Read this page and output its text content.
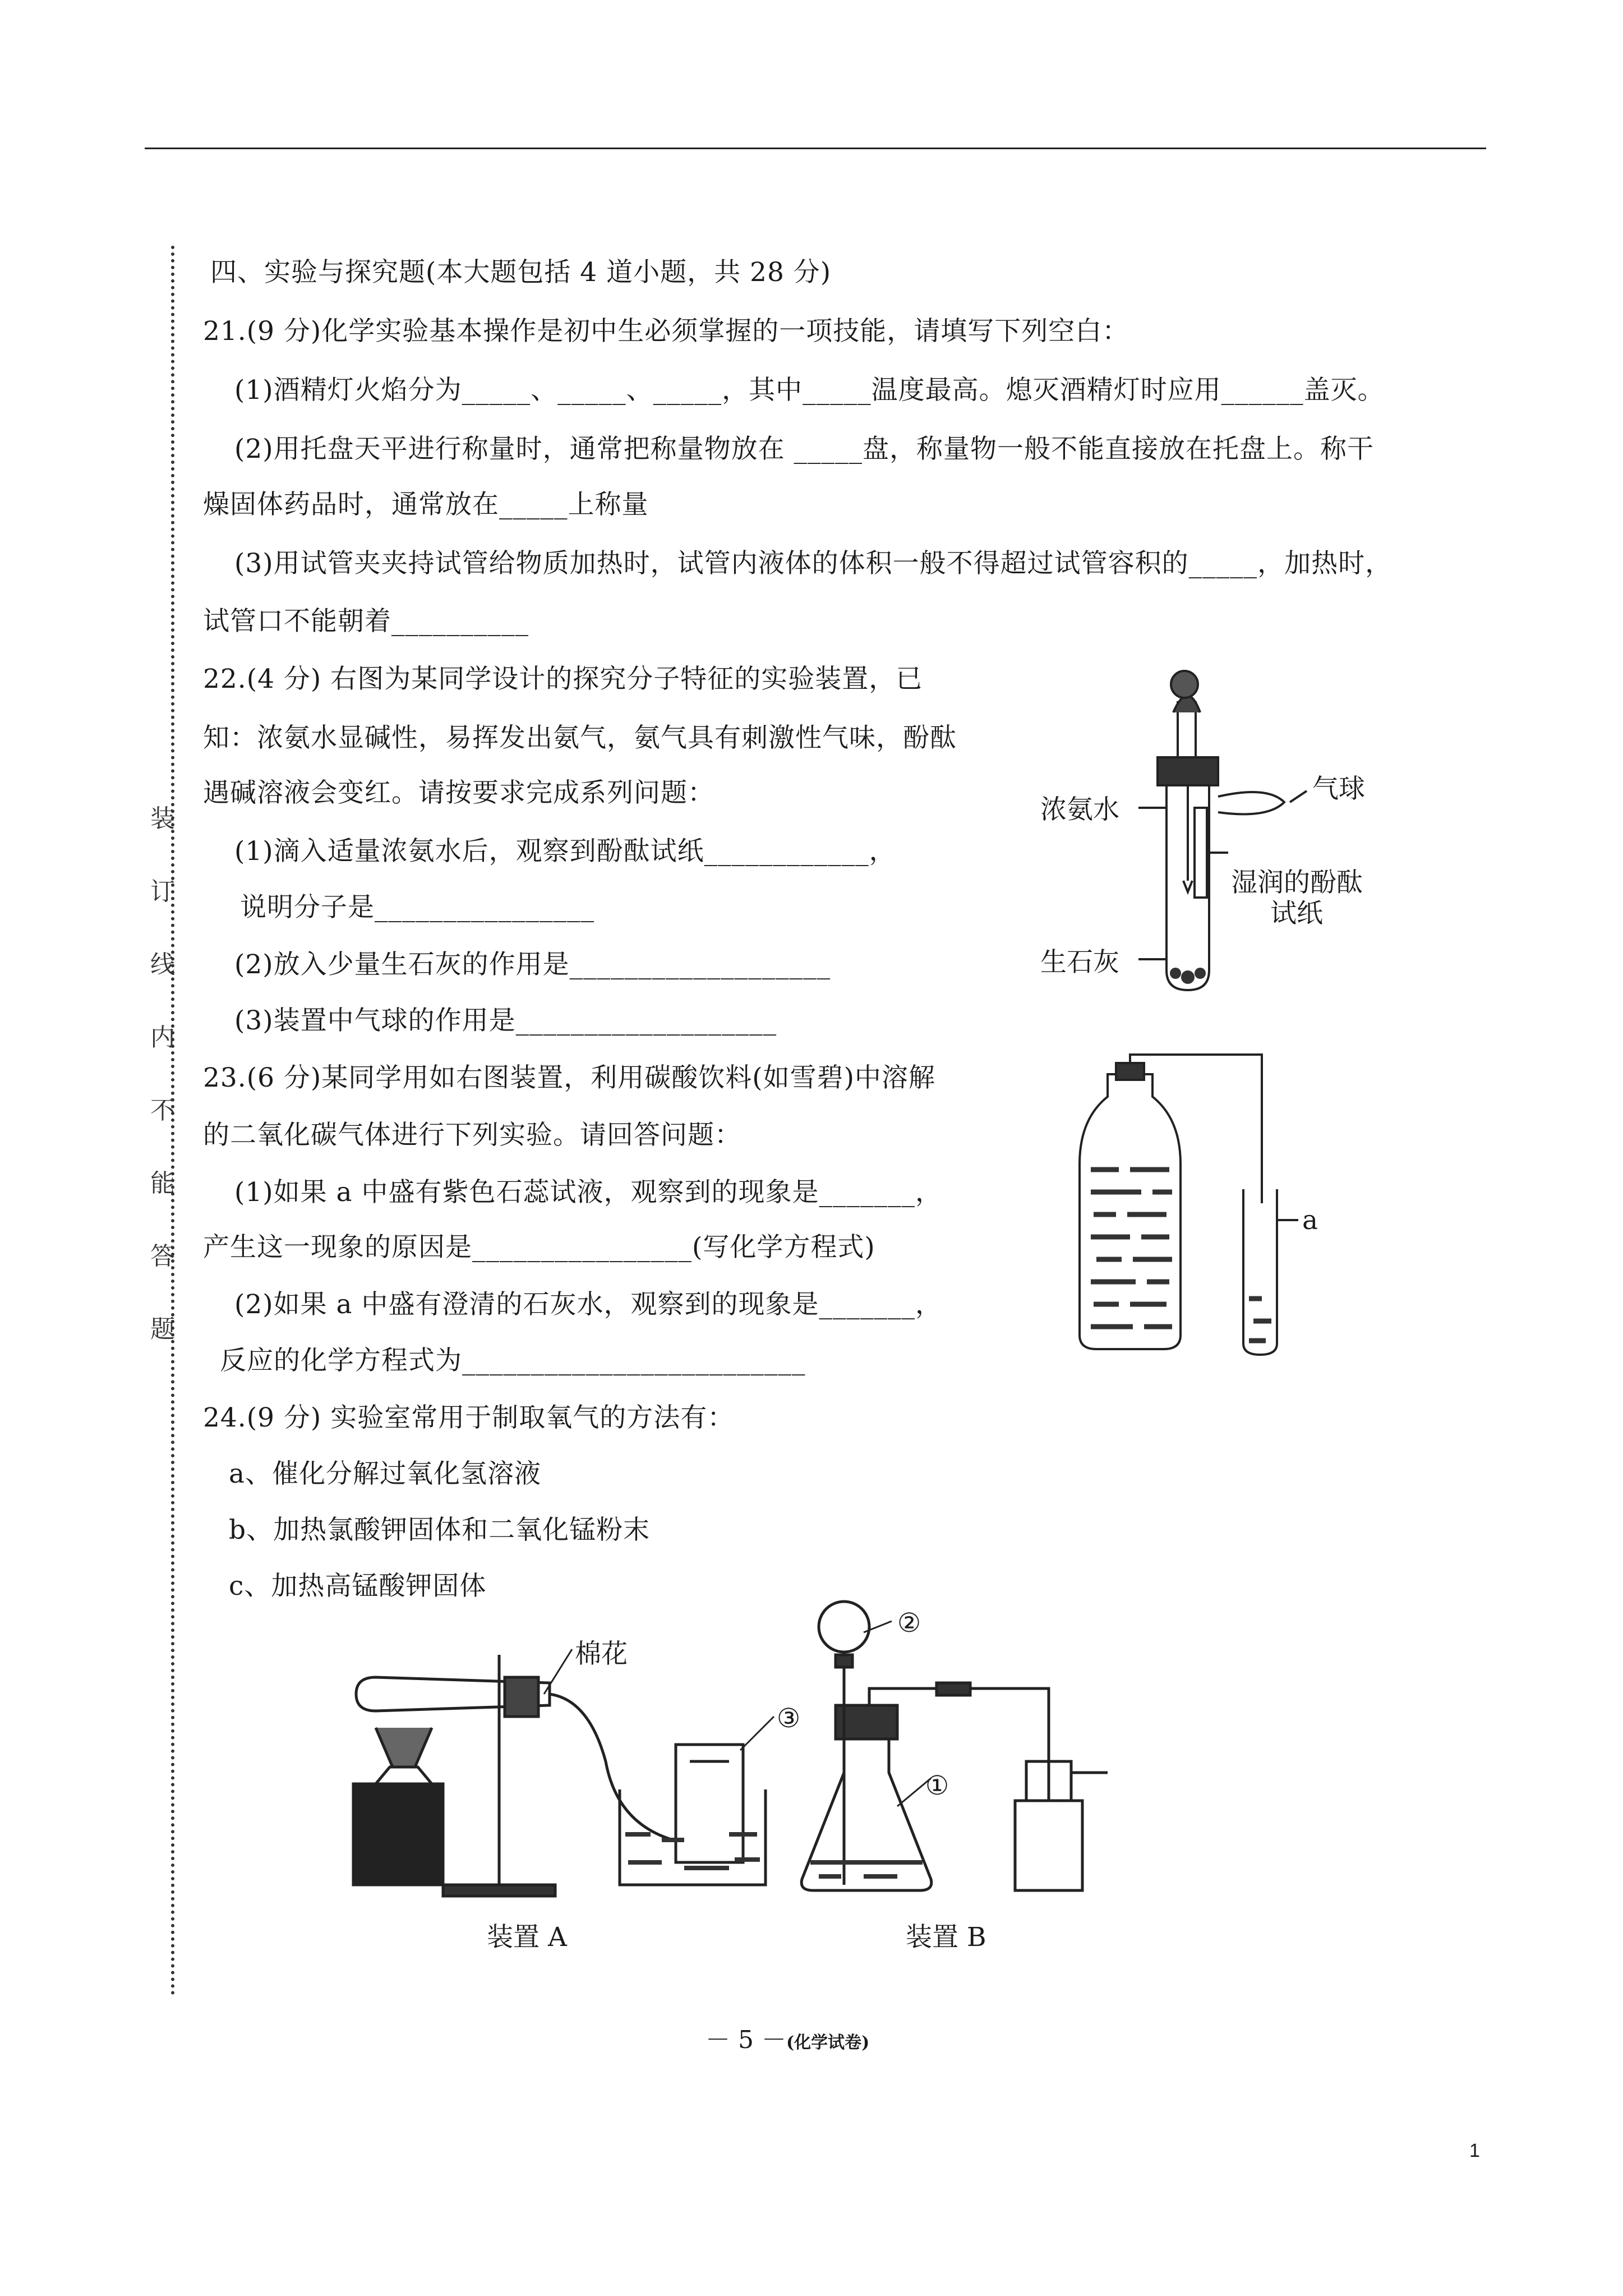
装
订
线
内
不
能
答
题
四、实验与探究题(本大题包括 4 道小题，共 28 分)
21.(9 分)化学实验基本操作是初中生必须掌握的一项技能，请填写下列空白：
(1)酒精灯火焰分为_____、_____、_____，其中_____温度最高。熄灭酒精灯时应用______盖灭。
(2)用托盘天平进行称量时，通常把称量物放在 _____盘，称量物一般不能直接放在托盘上。称干
燥固体药品时，通常放在_____上称量
(3)用试管夹夹持试管给物质加热时，试管内液体的体积一般不得超过试管容积的_____，加热时，
试管口不能朝着__________
22.(4 分) 右图为某同学设计的探究分子特征的实验装置，已
知：浓氨水显碱性，易挥发出氨气，氨气具有刺激性气味，酚酞
遇碱溶液会变红。请按要求完成系列问题：
(1)滴入适量浓氨水后，观察到酚酞试纸____________，
说明分子是________________
(2)放入少量生石灰的作用是___________________
(3)装置中气球的作用是___________________
气球
浓氨水
湿润的酚酞
试纸
生石灰
23.(6 分)某同学用如右图装置，利用碳酸饮料(如雪碧)中溶解
的二氧化碳气体进行下列实验。请回答问题：
(1)如果 a 中盛有紫色石蕊试液，观察到的现象是_______，
产生这一现象的原因是________________(写化学方程式)
(2)如果 a 中盛有澄清的石灰水，观察到的现象是_______，
反应的化学方程式为_________________________
a
24.(9 分) 实验室常用于制取氧气的方法有：
a、催化分解过氧化氢溶液
b、加热氯酸钾固体和二氧化锰粉末
c、加热高锰酸钾固体
棉花
③
②
①
装置 A	装置 B
－ 5 －(化学试卷)
1
